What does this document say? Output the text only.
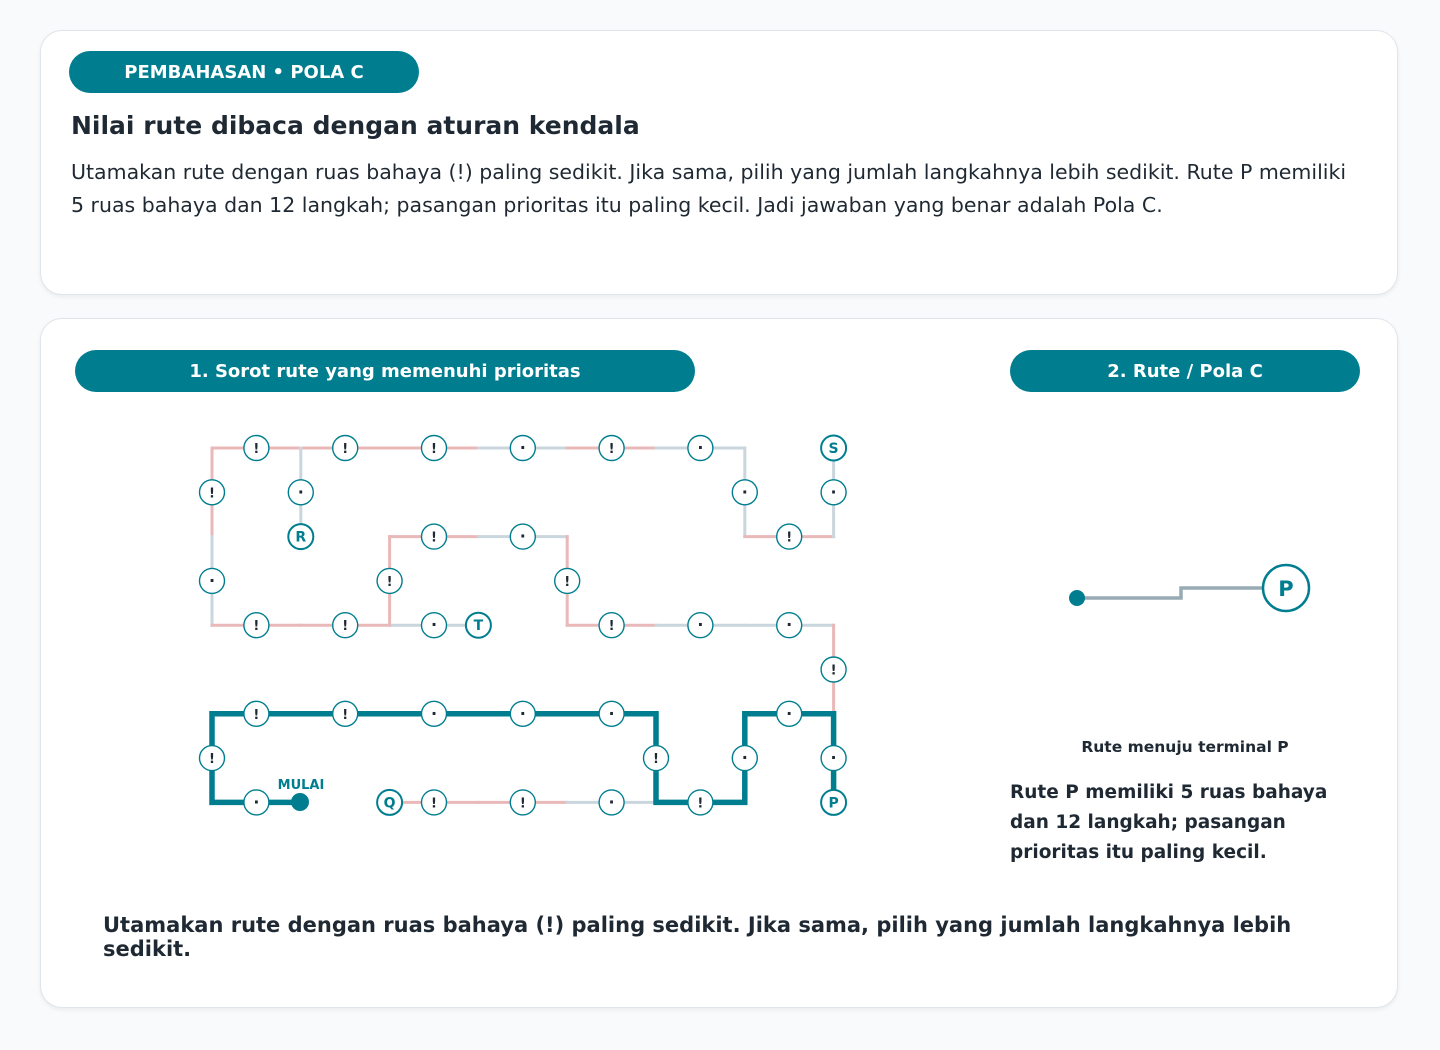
PEMBAHASAN • POLA C
Nilai rute dibaca dengan aturan kendala

Utamakan rute dengan ruas bahaya (!) paling sedikit. Jika sama, pilih yang jumlah langkahnya lebih sedikit. Rute P memiliki 5 ruas bahaya dan 12 langkah; pasangan prioritas itu paling kecil. Jadi jawaban yang benar adalah Pola C.

1. Sorot rute yang memenuhi prioritas	2. Rute / Pola C

Utamakan rute dengan ruas bahaya (!) paling sedikit. Jika sama, pilih yang jumlah langkahnya lebih sedikit.

!	!	!	·	!	·	S
!	·	·	·
R	!	·	!
·	!	!
!	!	·	T	!	·	·
!
!	!	·	·	·	·
!	!	·	·
·	Q	!	!	·	!	P
MULAI
P
Rute menuju terminal P

Rute P memiliki 5 ruas bahaya dan 12 langkah; pasangan prioritas itu paling kecil.
